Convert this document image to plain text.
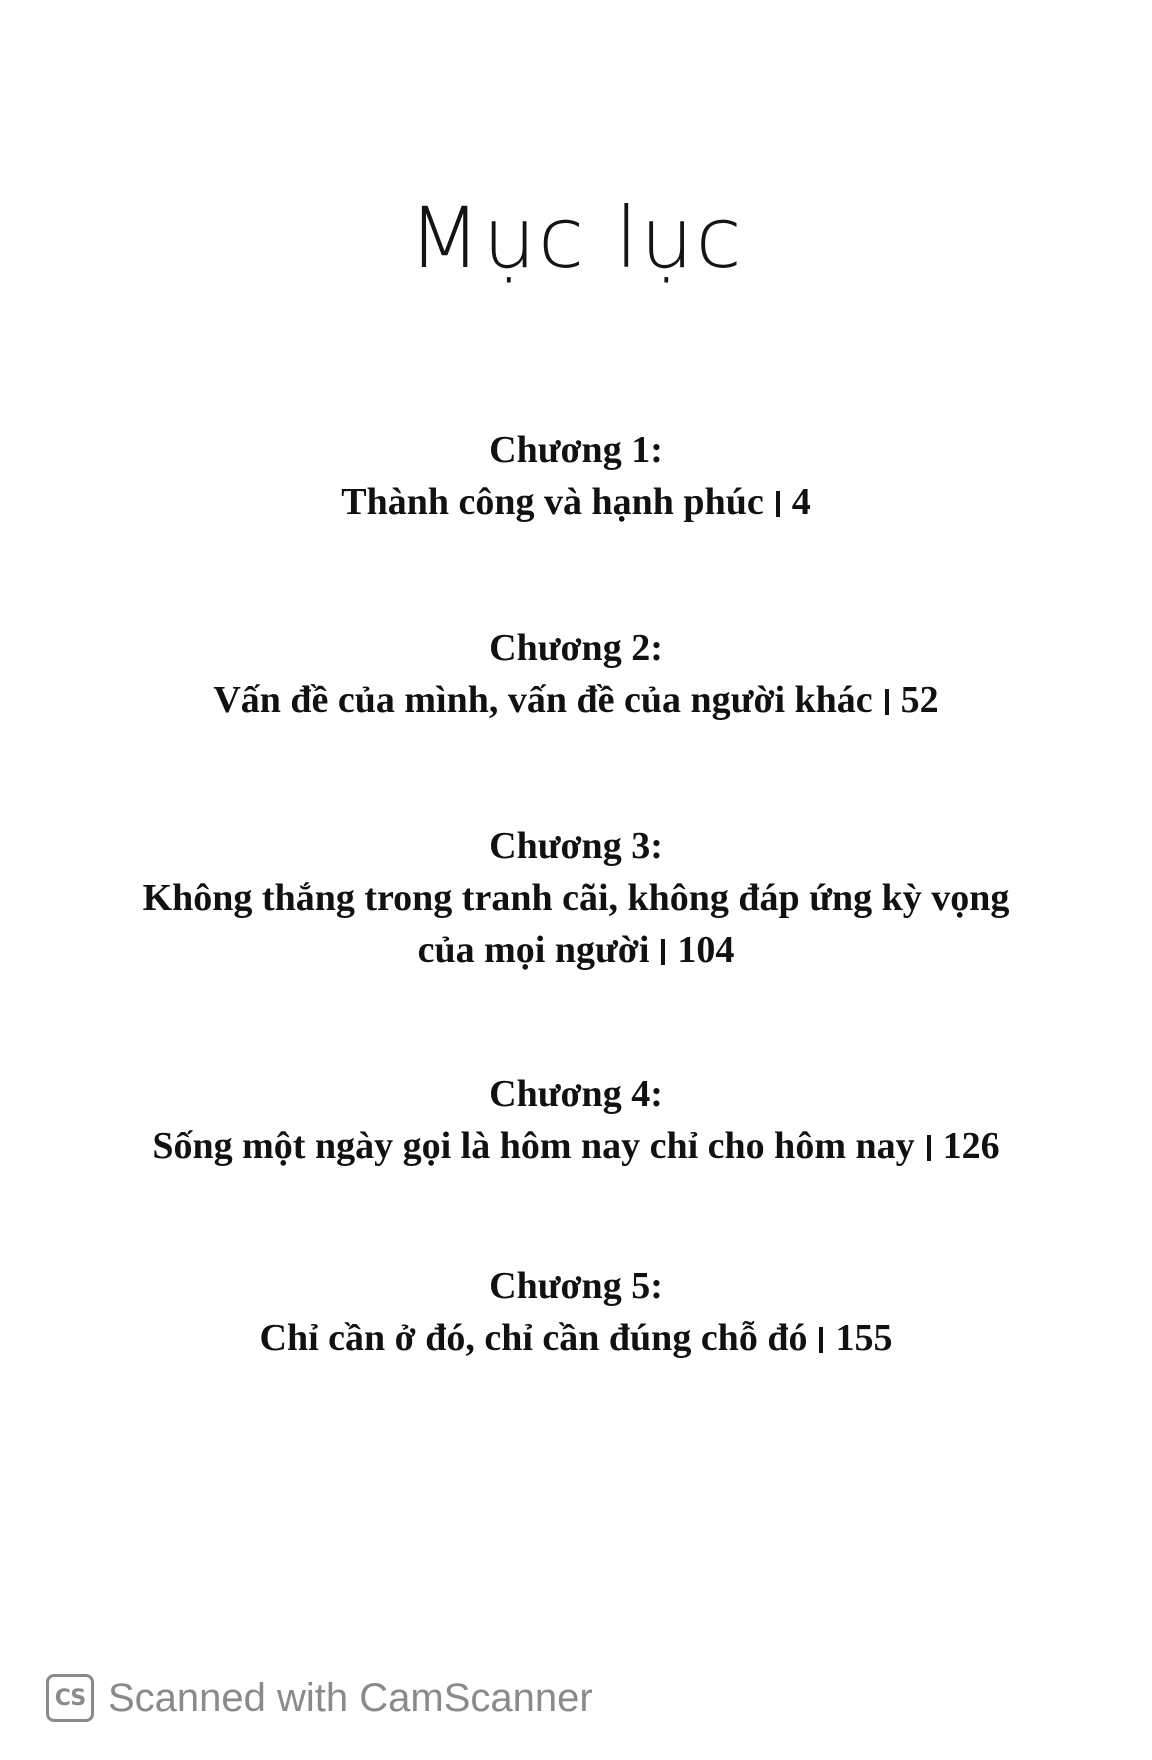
Mục lục
Chương 1:
Thành công và hạnh phúc 4
Chương 2:
Vấn đề của mình, vấn đề của người khác 52
Chương 3:
Không thắng trong tranh cãi, không đáp ứng kỳ vọng của mọi người 104
Chương 4:
Sống một ngày gọi là hôm nay chỉ cho hôm nay 126
Chương 5:
Chỉ cần ở đó, chỉ cần đúng chỗ đó 155
CS Scanned with CamScanner
